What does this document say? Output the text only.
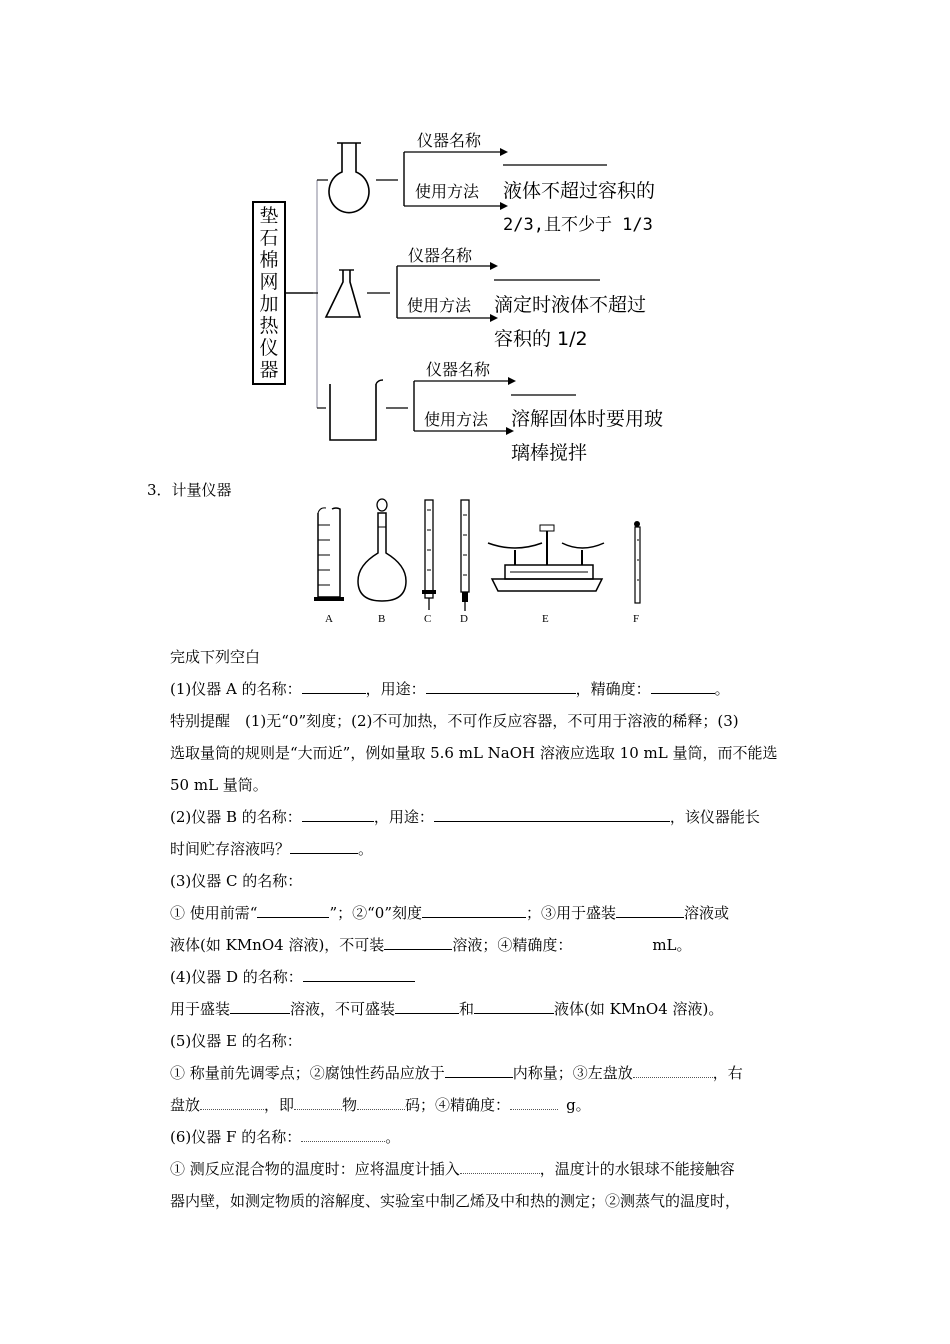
垫
石
棉
网
加
热
仪
器
仪器名称
使用方法 液体不超过容积的
2/3,且不少于 1/3
仪器名称
使用方法 滴定时液体不超过
容积的 1/2
仪器名称
使用方法 溶解固体时要用玻
璃棒搅拌
3．计量仪器
A	B	C	D	E	F
完成下列空白
(1)仪器 A 的名称：	，用途：	，精确度：	。
特别提醒　(1)无“0”刻度；(2)不可加热，不可作反应容器，不可用于溶液的稀释；(3)
选取量筒的规则是“大而近”，例如量取 5.6 mL NaOH 溶液应选取 10 mL 量筒，而不能选
50 mL 量筒。
(2)仪器 B 的名称：	，用途：	，该仪器能长
时间贮存溶液吗？	。
(3)仪器 C 的名称：
① 使用前需“	”；②“0”刻度	；③用于盛装	溶液或
液体(如 KMnO4 溶液)，不可装	溶液；④精确度：	mL。
(4)仪器 D 的名称：
用于盛装	溶液，不可盛装	和	液体(如 KMnO4 溶液)。
(5)仪器 E 的名称：
① 称量前先调零点；②腐蚀性药品应放于	内称量；③左盘放	，右
盘放	，即	物	码；④精确度：	g。
(6)仪器 F 的名称：	。
① 测反应混合物的温度时：应将温度计插入	，温度计的水银球不能接触容
器内壁，如测定物质的溶解度、实验室中制乙烯及中和热的测定；②测蒸气的温度时，
